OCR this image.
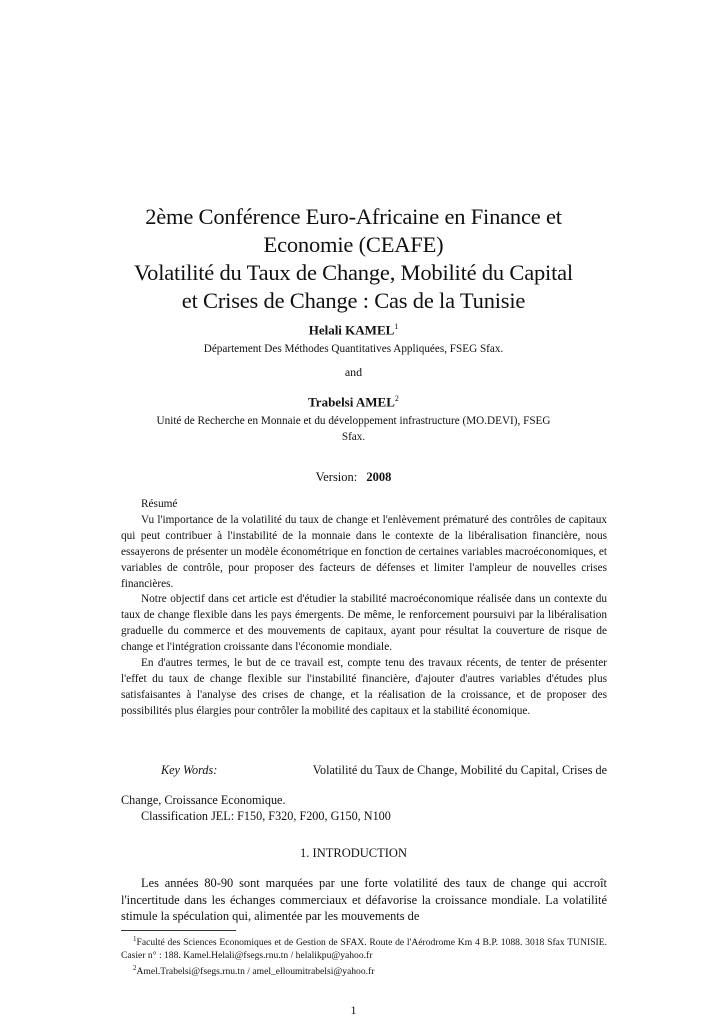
2ème Conférence Euro-Africaine en Finance et
Economie (CEAFE)
Volatilité du Taux de Change, Mobilité du Capital
et Crises de Change : Cas de la Tunisie
Helali KAMEL$^1$
Département Des Méthodes Quantitatives Appliquées, FSEG Sfax.
and
Trabelsi AMEL$^2$
Unité de Recherche en Monnaie et du développement infrastructure (MO.DEVI), FSEG
Sfax.
Version: 2008

Résumé

Vu l'importance de la volatilité du taux de change et l'enlèvement prématuré des contrôles de capitaux qui peut contribuer à l'instabilité de la monnaie dans le contexte de la libéralisation financière, nous essayerons de présenter un modèle économétrique en fonction de certaines variables macroéconomiques, et variables de contrôle, pour proposer des facteurs de défenses et limiter l'ampleur de nouvelles crises financières.

Notre objectif dans cet article est d'étudier la stabilité macroéconomique réalisée dans un contexte du taux de change flexible dans les pays émergents. De même, le renforcement poursuivi par la libéralisation graduelle du commerce et des mouvements de capitaux, ayant pour résultat la couverture de risque de change et l'intégration croissante dans l'économie mondiale.

En d'autres termes, le but de ce travail est, compte tenu des travaux récents, de tenter de présenter l'effet du taux de change flexible sur l'instabilité financière, d'ajouter d'autres variables d'études plus satisfaisantes à l'analyse des crises de change, et la réalisation de la croissance, et de proposer des possibilités plus élargies pour contrôler la mobilité des capitaux et la stabilité économique.

Key Words:	Volatilité du Taux de Change, Mobilité du Capital, Crises de
Change, Croissance Economique.
Classification JEL: F150, F320, F200, G150, N100
1. INTRODUCTION

Les années 80-90 sont marquées par une forte volatilité des taux de change qui accroît l'incertitude dans les échanges commerciaux et défavorise la croissance mondiale. La volatilité stimule la spéculation qui, alimentée par les mouvements de

$^1$Faculté des Sciences Economiques et de Gestion de SFAX. Route de l'Aérodrome Km 4 B.P. 1088. 3018 Sfax TUNISIE. Casier n° : 188. Kamel.Helali@fsegs.rnu.tn / helalikpu@yahoo.fr

$^2$Amel.Trabelsi@fsegs.rnu.tn / amel_elloumitrabelsi@yahoo.fr

1
